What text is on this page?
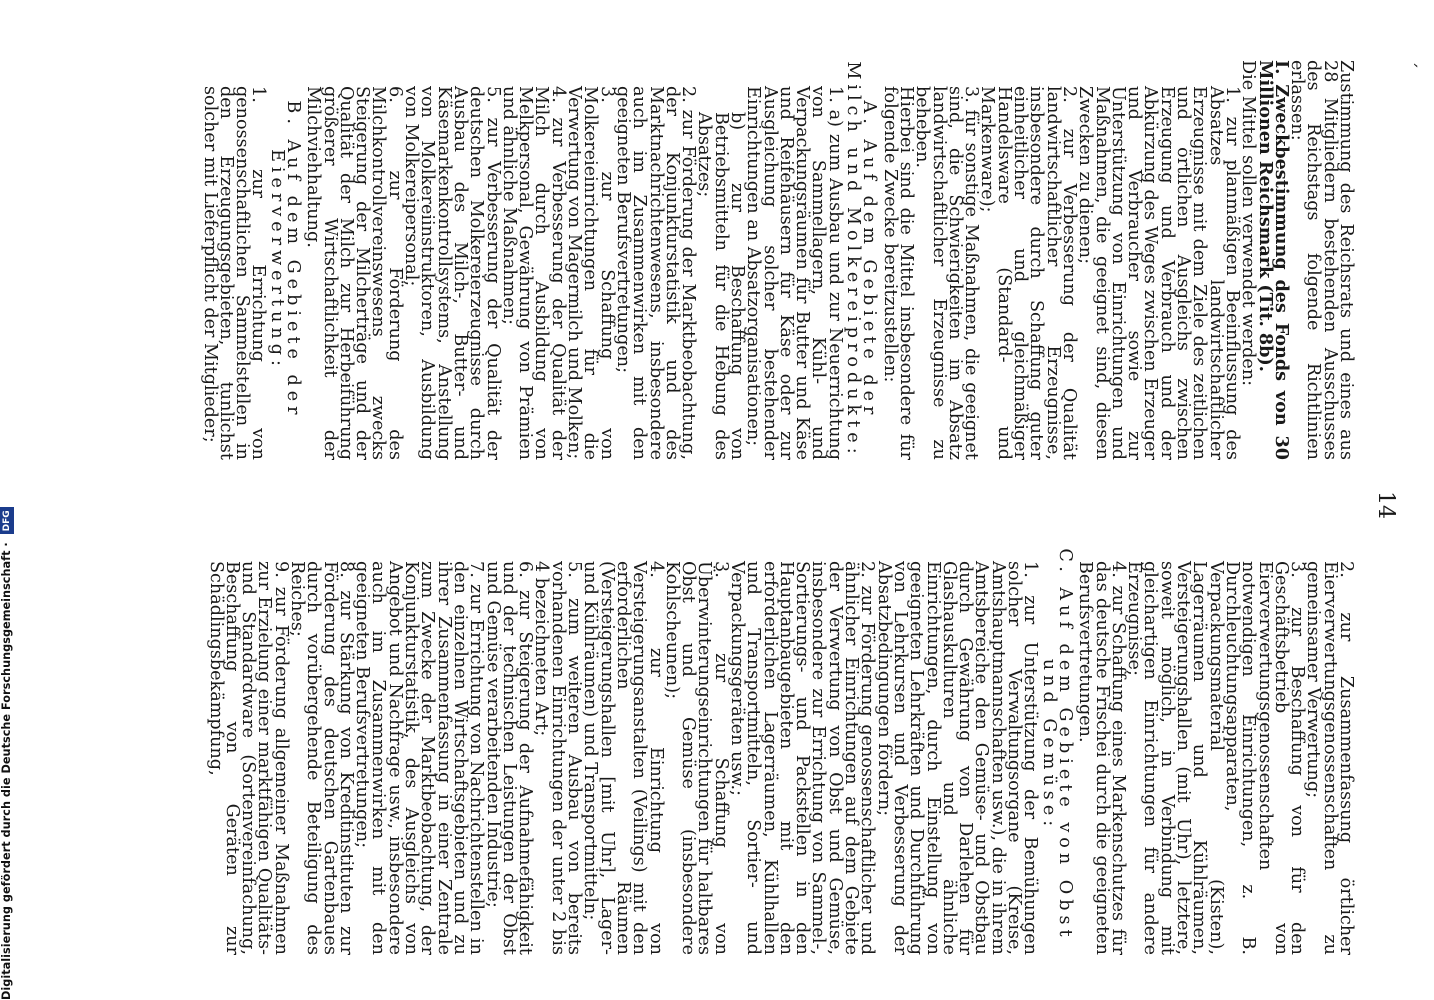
ˊ
14

Zustimmung des Reichsrats und eines aus 28 Mitgliedern bestehenden Ausschusses des Reichstags folgende Richtlinien erlassen:

I. Zweckbestimmung des Fonds von 30 Millionen Reichsmark (Tit. 8b).

Die Mittel sollen verwendet werden:

1. zur planmäßigen Beeinflussung des Absatzes landwirtschaftlicher Erzeugnisse mit dem Ziele des zeitlichen und örtlichen Ausgleichs zwischen Erzeugung und Verbrauch und der Abkürzung des Weges zwischen Erzeuger und Verbraucher sowie zur Unterstützung von Einrichtungen und Maßnahmen, die geeignet sind, diesen Zwecken zu dienen;

2. zur Verbesserung der Qualität landwirtschaftlicher Erzeugnisse, insbesondere durch Schaffung guter einheitlicher und gleichmäßiger Handelsware (Standard- und Markenware);

3. für sonstige Maßnahmen, die geeignet sind, die Schwierigkeiten im Absatz landwirtschaftlicher Erzeugnisse zu beheben.

Hierbei sind die Mittel insbesondere für folgende Zwecke bereitzustellen:

A. Auf dem Gebiete der Milch und Molkereiprodukte:

1. a) zum Ausbau und zur Neuerrichtung von Sammellagern, Kühl- und Verpackungsräumen für Butter und Käse und Reifehäusern für Käse oder zur Ausgleichung solcher bestehender Einrichtungen an Absatzorganisationen;

b) zur Beschaffung von Betriebsmitteln für die Hebung des Absatzes;

2. zur Förderung der Marktbeobachtung, der Konjunkturstatistik und des Marktnachrichtenwesens, insbesondere auch im Zusammenwirken mit den geeigneten Berufsvertretungen;

3. zur Schaffung von Molkereieinrichtungen für die Verwertung von Magermilch und Molken;

4. zur Verbesserung der Qualität der Milch durch Ausbildung von Melkpersonal, Gewährung von Prämien und ähnliche Maßnahmen;

5. zur Verbesserung der Qualität der deutschen Molkereierzeugnisse durch Ausbau des Milch-, Butter- und Käsemarkenkontrollsystems, Anstellung von Molkereiinstruktoren, Ausbildung von Molkereipersonal;

6. zur Förderung des Milchkontrollvereinswesens zwecks Steigerung der Milcherträge und der Qualität der Milch zur Herbeiführung größerer Wirtschaftlichkeit der Milchviehhaltung.

B. Auf dem Gebiete der Eierverwertung:

1. zur Errichtung von genossenschaftlichen Sammelstellen in den Erzeugungsgebieten, tunlichst solcher mit Lieferpflicht der Mitglieder;

2. zur Zusammenfassung örtlicher Eierverwertungsgenossenschaften zu gemeinsamer Verwertung;

3. zur Beschaffung von für den Geschäftsbetrieb von Eierverwertungsgenossenschaften notwendigen Einrichtungen, z. B. Durchleuchtungsapparaten, Verpackungsmaterial (Kisten), Lagerräumen und Kühlräumen, Versteigerungshallen (mit Uhr), letztere, soweit möglich, in Verbindung mit gleichartigen Einrichtungen für andere Erzeugnisse;

4. zur Schaffung eines Markenschutzes für das deutsche Frischei durch die geeigneten Berufsvertretungen.

C. Auf dem Gebiete von Obst und Gemüse:

1. zur Unterstützung der Bemühungen solcher Verwaltungsorgane (Kreise, Amtshauptmannschaften usw.), die in ihrem Amtsbereiche den Gemüse- und Obstbau durch Gewährung von Darlehen für Glashauskulturen und ähnliche Einrichtungen, durch Einstellung von geeigneten Lehrkräften und Durchführung von Lehrkursen und Verbesserung der Absatzbedingungen fördern;

2. zur Förderung genossenschaftlicher und ähnlicher Einrichtungen auf dem Gebiete der Verwertung von Obst und Gemüse, insbesondere zur Errichtung von Sammel-, Sortierungs- und Packstellen in den Hauptanbaugebieten mit den erforderlichen Lagerräumen, Kühlhallen und Transportmitteln, Sortier- und Verpackungsgeräten usw.;

3. zur Schaffung von Überwinterungseinrichtungen für haltbares Obst und Gemüse (insbesondere Kohlscheunen);

4. zur Einrichtung von Versteigerungsanstalten (Veilings) mit den erforderlichen Räumen (Versteigerungshallen [mit Uhr], Lager- und Kühlräumen) und Transportmitteln;

5. zum weiteren Ausbau von bereits vorhandenen Einrichtungen der unter 2 bis 4 bezeichneten Art;

6. zur Steigerung der Aufnahmefähigkeit und der technischen Leistungen der Obst und Gemüse verarbeitenden Industrie;

7. zur Errichtung von Nachrichtenstellen in den einzelnen Wirtschaftsgebieten und zu ihrer Zusammenfassung in einer Zentrale zum Zwecke der Marktbeobachtung, der Konjunkturstatistik, des Ausgleichs von Angebot und Nachfrage usw., insbesondere auch im Zusammenwirken mit den geeigneten Berufsvertretungen;

8. zur Stärkung von Kreditinstituten zur Förderung des deutschen Gartenbaues durch vorübergehende Beteiligung des Reiches;

9. zur Förderung allgemeiner Maßnahmen zur Erzielung einer marktfähigen Qualitäts- und Standardware (Sortenvereinfachung, Beschaffung von Geräten zur Schädlingsbekämpfung,

Digitalisierung gefördert durch die Deutsche Forschungsgemeinschaft · DFG
